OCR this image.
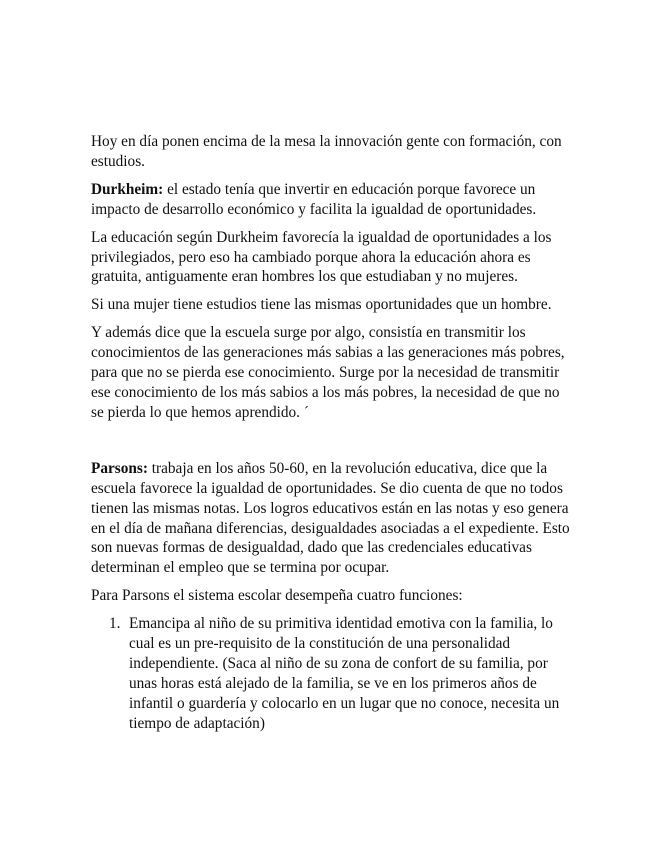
Hoy en día ponen encima de la mesa la innovación gente con formación, con estudios.

Durkheim: el estado tenía que invertir en educación porque favorece un impacto de desarrollo económico y facilita la igualdad de oportunidades.

La educación según Durkheim favorecía la igualdad de oportunidades a los privilegiados, pero eso ha cambiado porque ahora la educación ahora es gratuita, antiguamente eran hombres los que estudiaban y no mujeres.

Si una mujer tiene estudios tiene las mismas oportunidades que un hombre.

Y además dice que la escuela surge por algo, consistía en transmitir los conocimientos de las generaciones más sabias a las generaciones más pobres, para que no se pierda ese conocimiento. Surge por la necesidad de transmitir ese conocimiento de los más sabios a los más pobres, la necesidad de que no se pierda lo que hemos aprendido. ´

Parsons: trabaja en los años 50-60, en la revolución educativa, dice que la escuela favorece la igualdad de oportunidades. Se dio cuenta de que no todos tienen las mismas notas. Los logros educativos están en las notas y eso genera en el día de mañana diferencias, desigualdades asociadas a el expediente. Esto son nuevas formas de desigualdad, dado que las credenciales educativas determinan el empleo que se termina por ocupar.

Para Parsons el sistema escolar desempeña cuatro funciones:

1. Emancipa al niño de su primitiva identidad emotiva con la familia, lo cual es un pre-requisito de la constitución de una personalidad independiente. (Saca al niño de su zona de confort de su familia, por unas horas está alejado de la familia, se ve en los primeros años de infantil o guardería y colocarlo en un lugar que no conoce, necesita un tiempo de adaptación)
